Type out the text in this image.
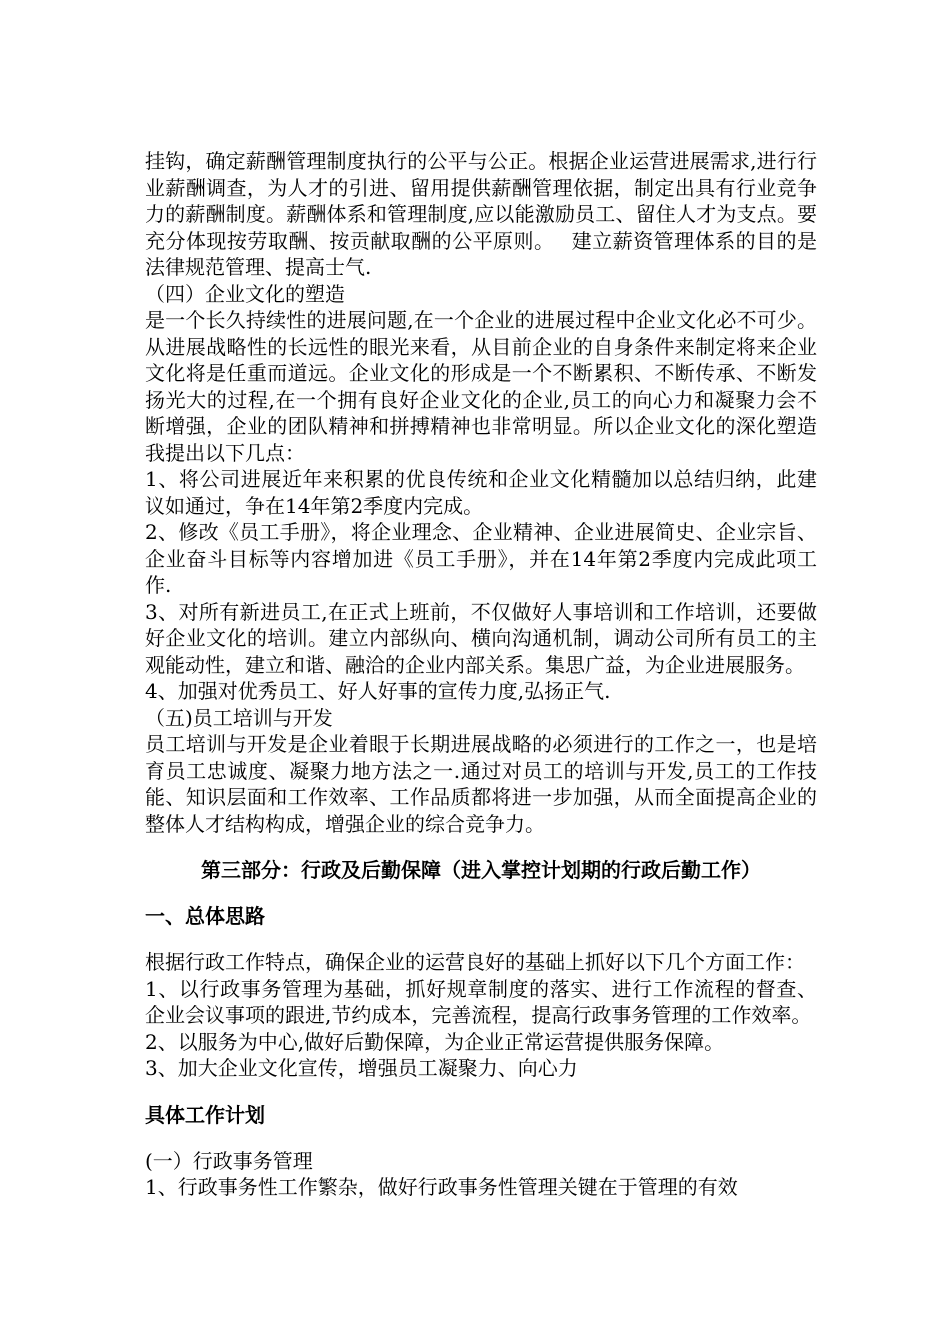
挂钩，确定薪酬管理制度执行的公平与公正。根据企业运营进展需求,进行行业薪酬调查，为人才的引进、留用提供薪酬管理依据，制定出具有行业竞争力的薪酬制度。薪酬体系和管理制度,应以能激励员工、留住人才为支点。要充分体现按劳取酬、按贡献取酬的公平原则。　 建立薪资管理体系的目的是法律规范管理、提高士气.

（四）企业文化的塑造

是一个长久持续性的进展问题,在一个企业的进展过程中企业文化必不可少。从进展战略性的长远性的眼光来看，从目前企业的自身条件来制定将来企业文化将是任重而道远。企业文化的形成是一个不断累积、不断传承、不断发扬光大的过程,在一个拥有良好企业文化的企业,员工的向心力和凝聚力会不断增强，企业的团队精神和拼搏精神也非常明显。所以企业文化的深化塑造我提出以下几点：

1、将公司进展近年来积累的优良传统和企业文化精髓加以总结归纳，此建议如通过，争在14年第2季度内完成。

2、修改《员工手册》，将企业理念、企业精神、企业进展简史、企业宗旨、企业奋斗目标等内容增加进《员工手册》，并在14年第2季度内完成此项工作.

3、对所有新进员工,在正式上班前，不仅做好人事培训和工作培训，还要做好企业文化的培训。建立内部纵向、横向沟通机制，调动公司所有员工的主观能动性，建立和谐、融洽的企业内部关系。集思广益，为企业进展服务。

4、加强对优秀员工、好人好事的宣传力度,弘扬正气.

（五)员工培训与开发

员工培训与开发是企业着眼于长期进展战略的必须进行的工作之一，也是培育员工忠诚度、凝聚力地方法之一.通过对员工的培训与开发,员工的工作技能、知识层面和工作效率、工作品质都将进一步加强，从而全面提高企业的整体人才结构构成，增强企业的综合竞争力。

第三部分：行政及后勤保障（进入掌控计划期的行政后勤工作）
一、总体思路

根据行政工作特点，确保企业的运营良好的基础上抓好以下几个方面工作：

1、以行政事务管理为基础，抓好规章制度的落实、进行工作流程的督查、企业会议事项的跟进,节约成本，完善流程，提高行政事务管理的工作效率。

2、以服务为中心,做好后勤保障，为企业正常运营提供服务保障。

3、加大企业文化宣传，增强员工凝聚力、向心力

具体工作计划

(一）行政事务管理

1、行政事务性工作繁杂，做好行政事务性管理关键在于管理的有效
